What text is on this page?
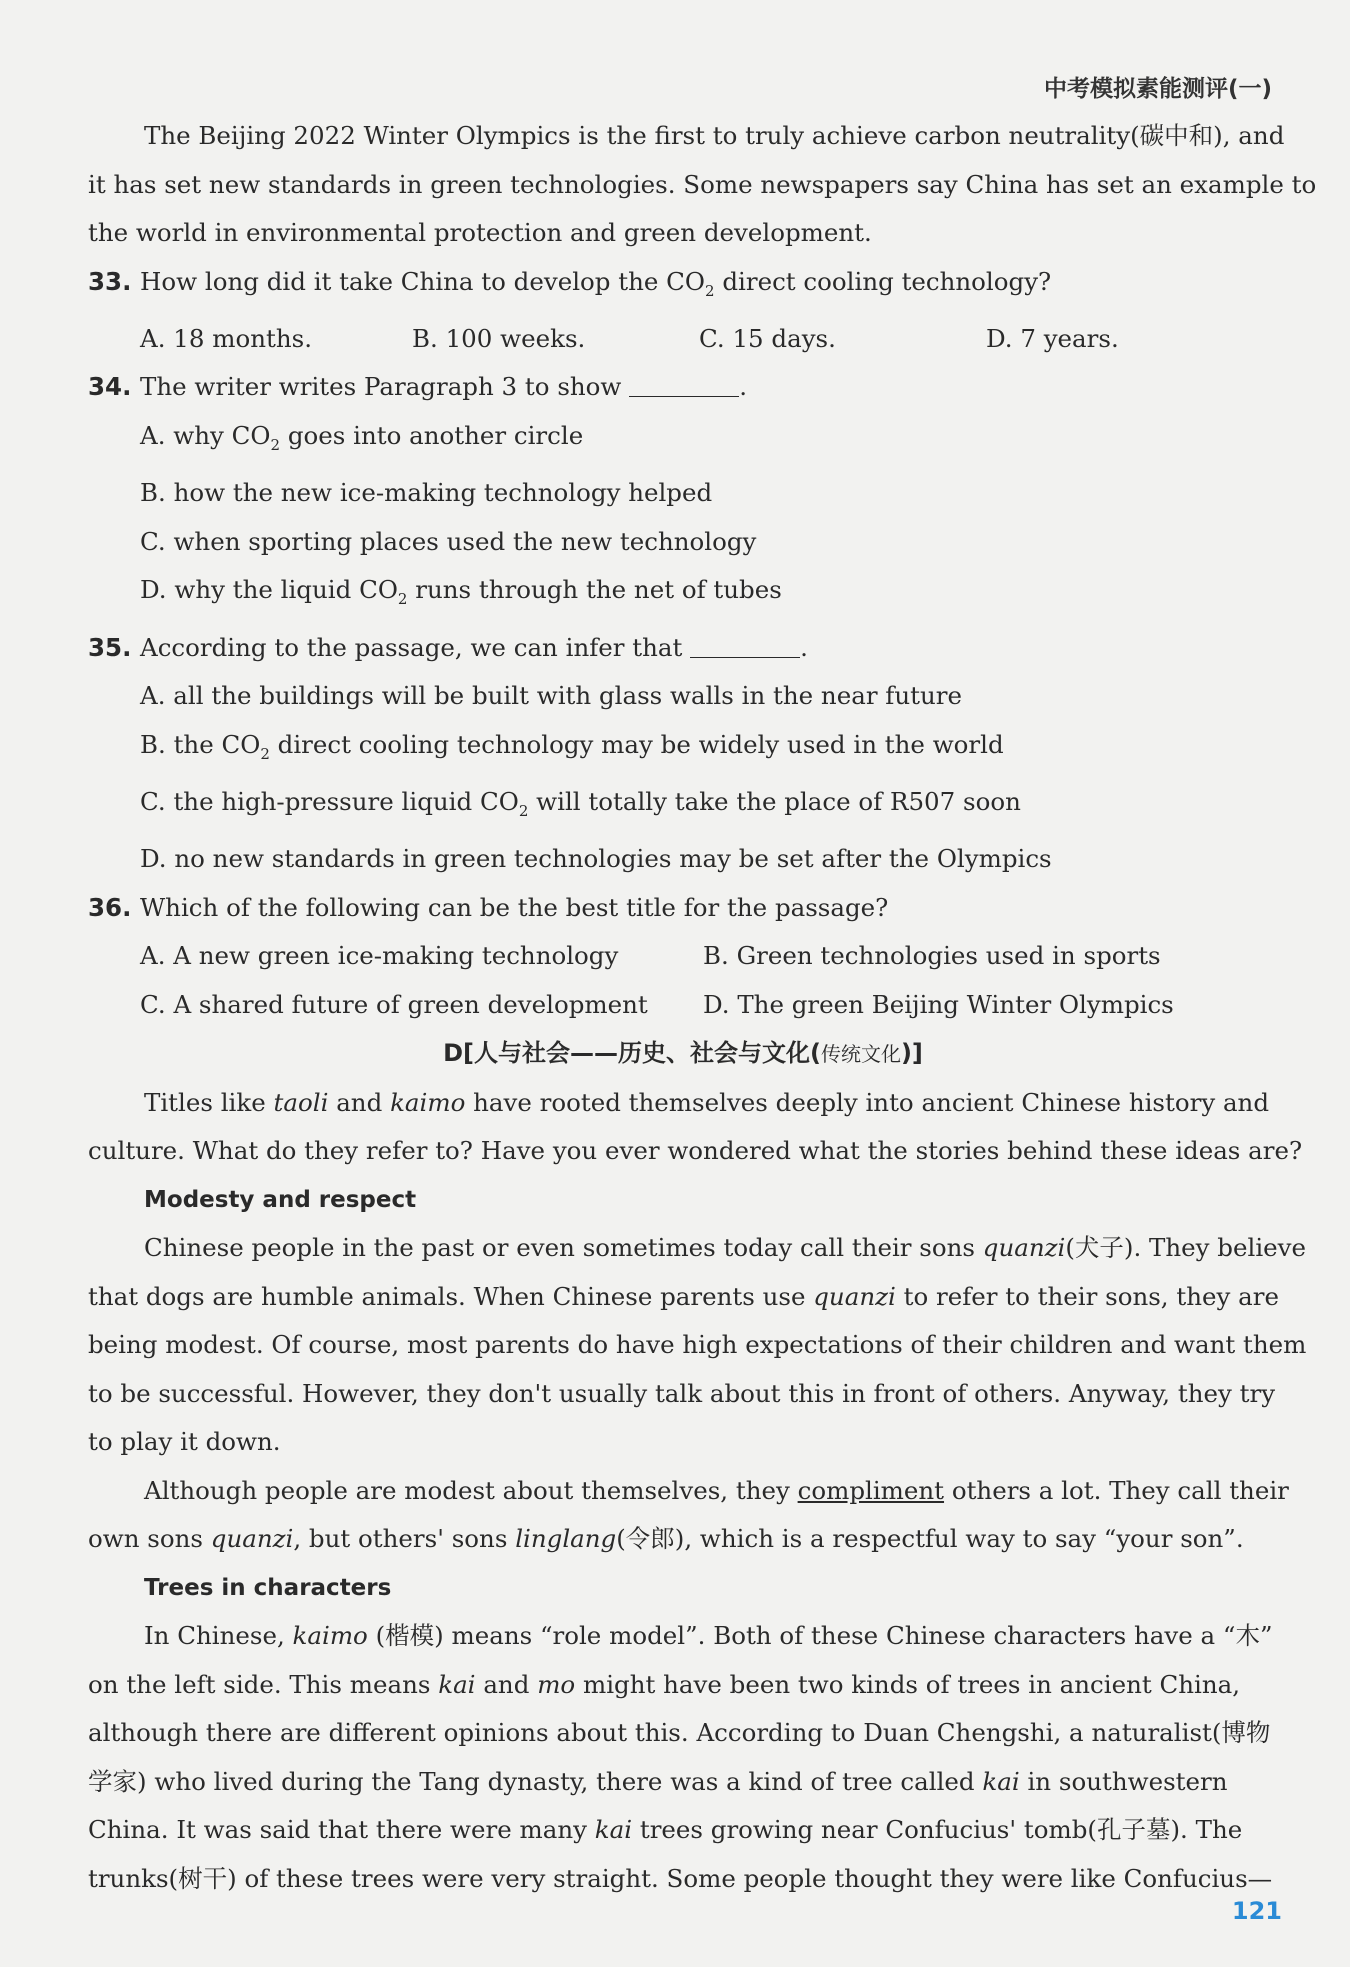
中考模拟素能测评(一)
The Beijing 2022 Winter Olympics is the first to truly achieve carbon neutrality(碳中和), and
it has set new standards in green technologies. Some newspapers say China has set an example to
the world in environmental protection and green development.
33. How long did it take China to develop the $CO_2$ direct cooling technology?
A. 18 months.	B. 100 weeks.	C. 15 days.	D. 7 years.
34. The writer writes Paragraph 3 to show	.
A. why $CO_2$ goes into another circle
B. how the new ice-making technology helped
C. when sporting places used the new technology
D. why the liquid $CO_2$ runs through the net of tubes
35. According to the passage, we can infer that	.
A. all the buildings will be built with glass walls in the near future
B. the $CO_2$ direct cooling technology may be widely used in the world
C. the high-pressure liquid $CO_2$ will totally take the place of R507 soon
D. no new standards in green technologies may be set after the Olympics
36. Which of the following can be the best title for the passage?
A. A new green ice-making technology	B. Green technologies used in sports
C. A shared future of green development	D. The green Beijing Winter Olympics
D[人与社会——历史、社会与文化(传统文化)]
Titles like taoli and kaimo have rooted themselves deeply into ancient Chinese history and
culture. What do they refer to? Have you ever wondered what the stories behind these ideas are?
Modesty and respect
Chinese people in the past or even sometimes today call their sons quanzi(犬子). They believe
that dogs are humble animals. When Chinese parents use quanzi to refer to their sons, they are
being modest. Of course, most parents do have high expectations of their children and want them
to be successful. However, they don't usually talk about this in front of others. Anyway, they try
to play it down.
Although people are modest about themselves, they compliment others a lot. They call their
own sons quanzi, but others' sons linglang(令郎), which is a respectful way to say “your son”.
Trees in characters
In Chinese, kaimo (楷模) means “role model”. Both of these Chinese characters have a “木”
on the left side. This means kai and mo might have been two kinds of trees in ancient China,
although there are different opinions about this. According to Duan Chengshi, a naturalist(博物
学家) who lived during the Tang dynasty, there was a kind of tree called kai in southwestern
China. It was said that there were many kai trees growing near Confucius' tomb(孔子墓). The
trunks(树干) of these trees were very straight. Some people thought they were like Confucius—
121
